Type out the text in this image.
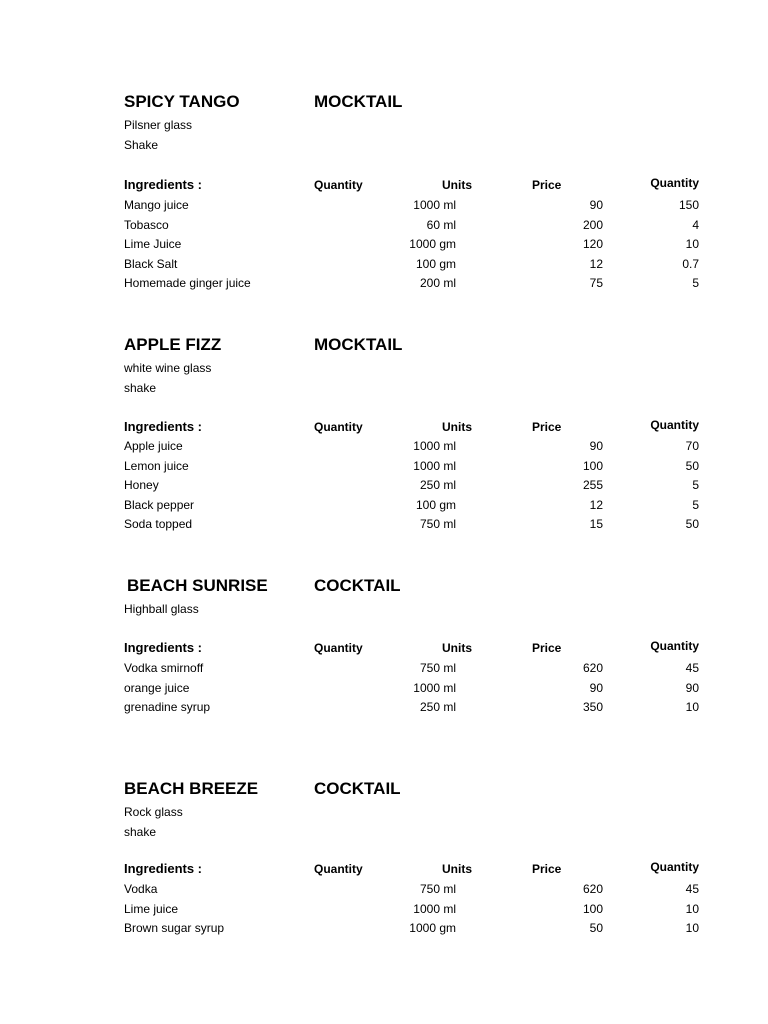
SPICY TANGO	MOCKTAIL
Pilsner glass
Shake
Ingredients :	Quantity	Units	Price	Quantity
Mango juice	1000 ml	90	150
Tobasco	60 ml	200	4
Lime Juice	1000 gm	120	10
Black Salt	100 gm	12	0.7
Homemade ginger juice	200 ml	75	5
APPLE FIZZ	MOCKTAIL
white wine glass
shake
Ingredients :	Quantity	Units	Price	Quantity
Apple juice	1000 ml	90	70
Lemon juice	1000 ml	100	50
Honey	250 ml	255	5
Black pepper	100 gm	12	5
Soda topped	750 ml	15	50
BEACH SUNRISE	COCKTAIL
Highball glass
Ingredients :	Quantity	Units	Price	Quantity
Vodka smirnoff	750 ml	620	45
orange juice	1000 ml	90	90
grenadine syrup	250 ml	350	10
BEACH BREEZE	COCKTAIL
Rock glass
shake
Ingredients :	Quantity	Units	Price	Quantity
Vodka	750 ml	620	45
Lime juice	1000 ml	100	10
Brown sugar syrup	1000 gm	50	10
